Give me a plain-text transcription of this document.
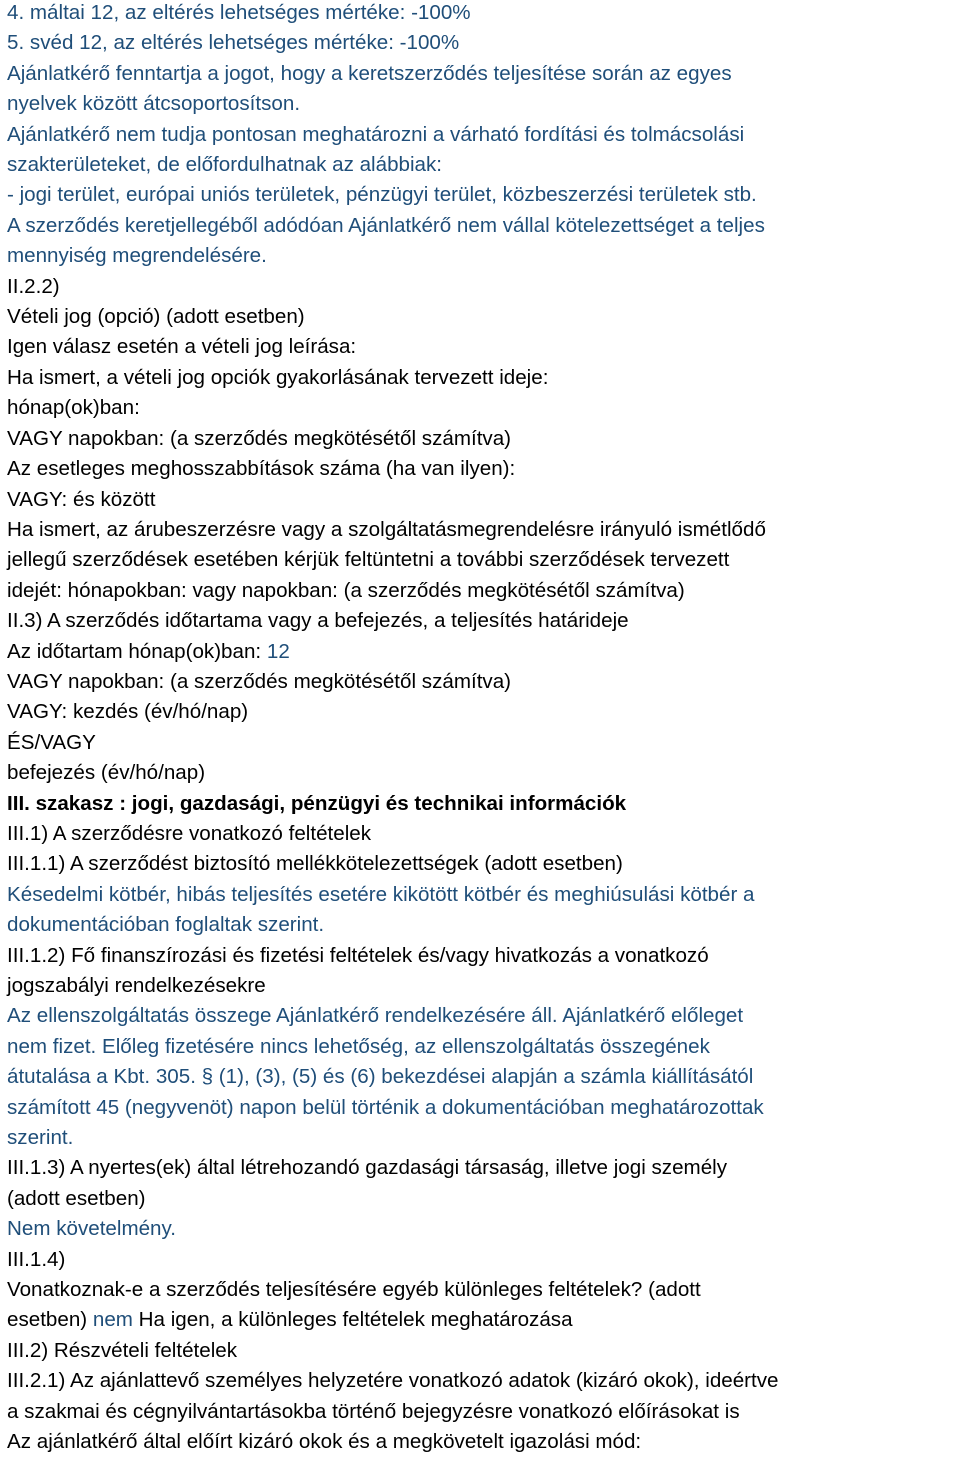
4. máltai 12, az eltérés lehetséges mértéke: -100%
5. svéd 12, az eltérés lehetséges mértéke: -100%
Ajánlatkérő fenntartja a jogot, hogy a keretszerződés teljesítése során az egyes
nyelvek között átcsoportosítson.
Ajánlatkérő nem tudja pontosan meghatározni a várható fordítási és tolmácsolási
szakterületeket, de előfordulhatnak az alábbiak:
- jogi terület, európai uniós területek, pénzügyi terület, közbeszerzési területek stb.
A szerződés keretjellegéből adódóan Ajánlatkérő nem vállal kötelezettséget a teljes
mennyiség megrendelésére.
II.2.2)
Vételi jog (opció) (adott esetben)
Igen válasz esetén a vételi jog leírása:
Ha ismert, a vételi jog opciók gyakorlásának tervezett ideje:
hónap(ok)ban:
VAGY napokban: (a szerződés megkötésétől számítva)
Az esetleges meghosszabbítások száma (ha van ilyen):
VAGY: és között
Ha ismert, az árubeszerzésre vagy a szolgáltatásmegrendelésre irányuló ismétlődő
jellegű szerződések esetében kérjük feltüntetni a további szerződések tervezett
idejét: hónapokban: vagy napokban: (a szerződés megkötésétől számítva)
II.3) A szerződés időtartama vagy a befejezés, a teljesítés határideje
Az időtartam hónap(ok)ban: 12
VAGY napokban: (a szerződés megkötésétől számítva)
VAGY: kezdés (év/hó/nap)
ÉS/VAGY
befejezés (év/hó/nap)
III. szakasz : jogi, gazdasági, pénzügyi és technikai információk
III.1) A szerződésre vonatkozó feltételek
III.1.1) A szerződést biztosító mellékkötelezettségek (adott esetben)
Késedelmi kötbér, hibás teljesítés esetére kikötött kötbér és meghiúsulási kötbér a
dokumentációban foglaltak szerint.
III.1.2) Fő finanszírozási és fizetési feltételek és/vagy hivatkozás a vonatkozó
jogszabályi rendelkezésekre
Az ellenszolgáltatás összege Ajánlatkérő rendelkezésére áll. Ajánlatkérő előleget
nem fizet. Előleg fizetésére nincs lehetőség, az ellenszolgáltatás összegének
átutalása a Kbt. 305. § (1), (3), (5) és (6) bekezdései alapján a számla kiállításától
számított 45 (negyvenöt) napon belül történik a dokumentációban meghatározottak
szerint.
III.1.3) A nyertes(ek) által létrehozandó gazdasági társaság, illetve jogi személy
(adott esetben)
Nem követelmény.
III.1.4)
Vonatkoznak-e a szerződés teljesítésére egyéb különleges feltételek? (adott
esetben) nem Ha igen, a különleges feltételek meghatározása
III.2) Részvételi feltételek
III.2.1) Az ajánlattevő személyes helyzetére vonatkozó adatok (kizáró okok), ideértve
a szakmai és cégnyilvántartásokba történő bejegyzésre vonatkozó előírásokat is
Az ajánlatkérő által előírt kizáró okok és a megkövetelt igazolási mód:
